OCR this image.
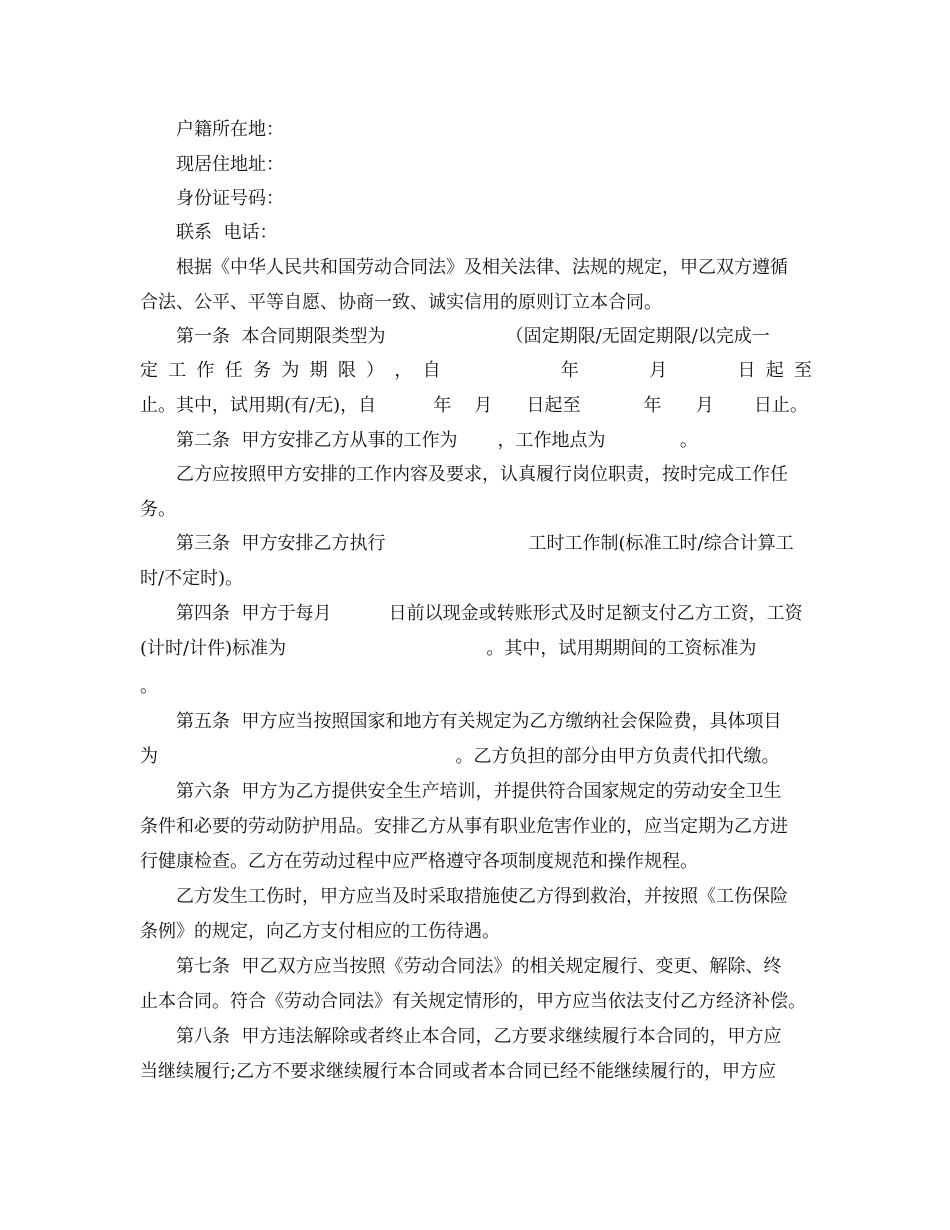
户籍所在地：
现居住地址：
身份证号码：
联系  电话：
根据《中华人民共和国劳动合同法》及相关法律、法规的规定，甲乙双方遵循
合法、公平、平等自愿、协商一致、诚实信用的原则订立本合同。
第一条  本合同期限类型为                     （固定期限/无固定期限/以完成一
定 工 作 任 务 为 期 限 ） ， 自	年	月	日 起 至
止。其中，试用期(有/无)，自          年    月      日起至           年      月       日止。
第二条  甲方安排乙方从事的工作为       ，工作地点为             。
乙方应按照甲方安排的工作内容及要求，认真履行岗位职责，按时完成工作任
务。
第三条  甲方安排乙方执行                         工时工作制(标准工时/综合计算工
时/不定时)。
第四条  甲方于每月          日前以现金或转账形式及时足额支付乙方工资，工资
(计时/计件)标准为                                   。其中，试用期期间的工资标准为
。
第五条  甲方应当按照国家和地方有关规定为乙方缴纳社会保险费，具体项目
为                                                    。乙方负担的部分由甲方负责代扣代缴。
第六条  甲方为乙方提供安全生产培训，并提供符合国家规定的劳动安全卫生
条件和必要的劳动防护用品。安排乙方从事有职业危害作业的，应当定期为乙方进
行健康检查。乙方在劳动过程中应严格遵守各项制度规范和操作规程。
乙方发生工伤时，甲方应当及时采取措施使乙方得到救治，并按照《工伤保险
条例》的规定，向乙方支付相应的工伤待遇。
第七条  甲乙双方应当按照《劳动合同法》的相关规定履行、变更、解除、终
止本合同。符合《劳动合同法》有关规定情形的，甲方应当依法支付乙方经济补偿。
第八条  甲方违法解除或者终止本合同，乙方要求继续履行本合同的，甲方应
当继续履行;乙方不要求继续履行本合同或者本合同已经不能继续履行的，甲方应
